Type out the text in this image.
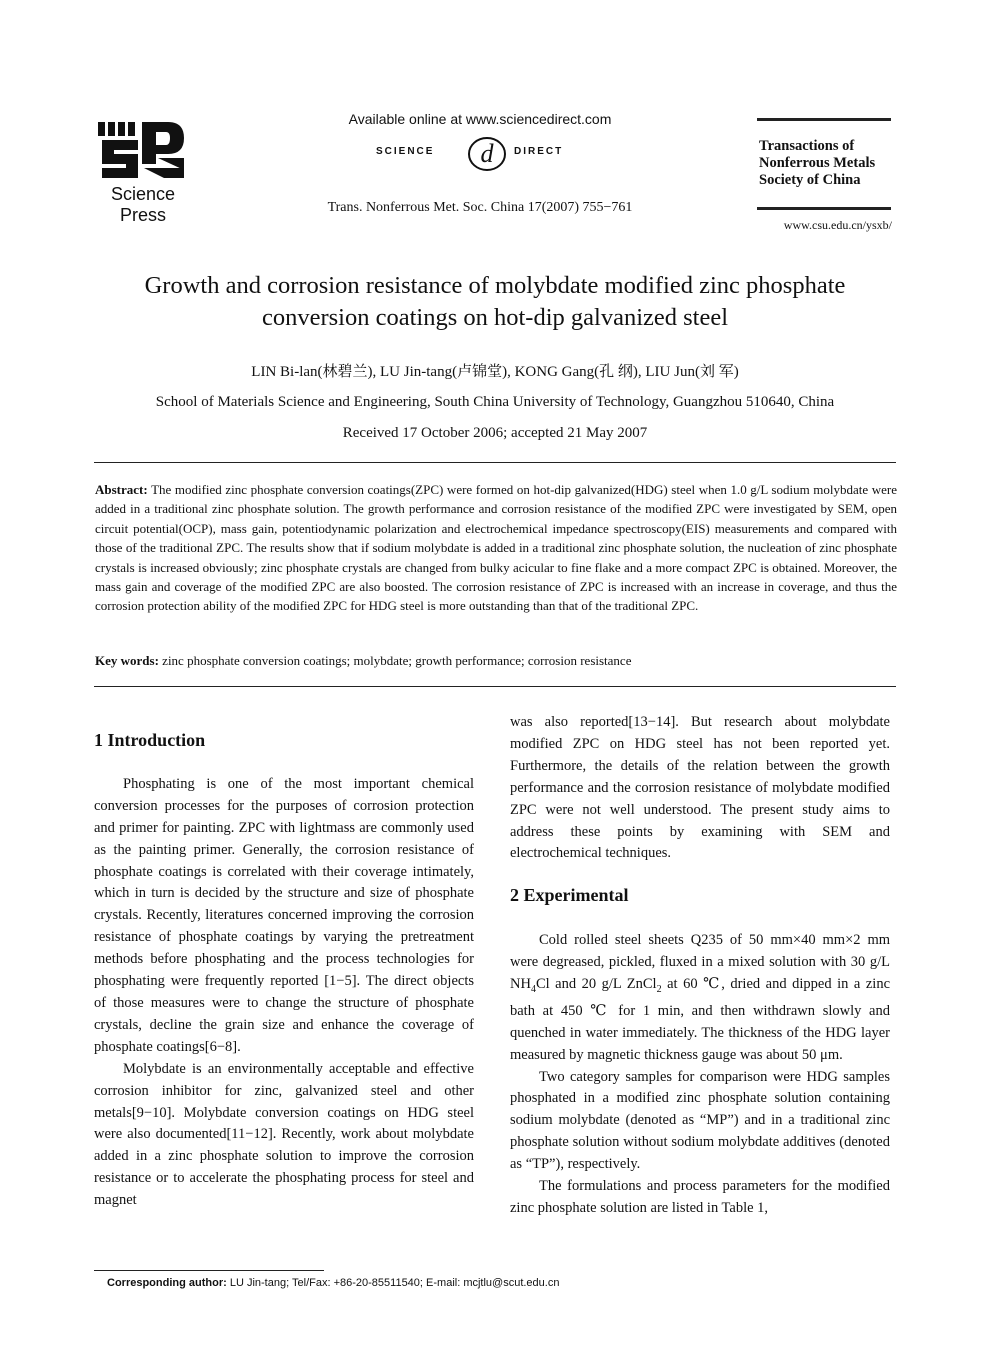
Science Press
Available online at www.sciencedirect.com
SCIENCE d DIRECT
Trans. Nonferrous Met. Soc. China 17(2007) 755−761
Transactions of
Nonferrous Metals
Society of China
www.csu.edu.cn/ysxb/
Growth and corrosion resistance of molybdate modified zinc phosphate
conversion coatings on hot-dip galvanized steel
LIN Bi-lan(林碧兰), LU Jin-tang(卢锦堂), KONG Gang(孔 纲), LIU Jun(刘 军)
School of Materials Science and Engineering, South China University of Technology, Guangzhou 510640, China
Received 17 October 2006; accepted 21 May 2007
Abstract: The modified zinc phosphate conversion coatings(ZPC) were formed on hot-dip galvanized(HDG) steel when 1.0 g/L sodium molybdate were added in a traditional zinc phosphate solution. The growth performance and corrosion resistance of the modified ZPC were investigated by SEM, open circuit potential(OCP), mass gain, potentiodynamic polarization and electrochemical impedance spectroscopy(EIS) measurements and compared with those of the traditional ZPC. The results show that if sodium molybdate is added in a traditional zinc phosphate solution, the nucleation of zinc phosphate crystals is increased obviously; zinc phosphate crystals are changed from bulky acicular to fine flake and a more compact ZPC is obtained. Moreover, the mass gain and coverage of the modified ZPC are also boosted. The corrosion resistance of ZPC is increased with an increase in coverage, and thus the corrosion protection ability of the modified ZPC for HDG steel is more outstanding than that of the traditional ZPC.
Key words: zinc phosphate conversion coatings; molybdate; growth performance; corrosion resistance
1 Introduction

Phosphating is one of the most important chemical conversion processes for the purposes of corrosion protection and primer for painting. ZPC with lightmass are commonly used as the painting primer. Generally, the corrosion resistance of phosphate coatings is correlated with their coverage intimately, which in turn is decided by the structure and size of phosphate crystals. Recently, literatures concerned improving the corrosion resistance of phosphate coatings by varying the pretreatment methods before phosphating and the process technologies for phosphating were frequently reported [1−5]. The direct objects of those measures were to change the structure of phosphate crystals, decline the grain size and enhance the coverage of phosphate coatings[6−8].

Molybdate is an environmentally acceptable and effective corrosion inhibitor for zinc, galvanized steel and other metals[9−10]. Molybdate conversion coatings on HDG steel were also documented[11−12]. Recently, work about molybdate added in a zinc phosphate solution to improve the corrosion resistance or to accelerate the phosphating process for steel and magnet

was also reported[13−14]. But research about molybdate modified ZPC on HDG steel has not been reported yet. Furthermore, the details of the relation between the growth performance and the corrosion resistance of molybdate modified ZPC were not well understood. The present study aims to address these points by examining with SEM and electrochemical techniques.

2 Experimental

Cold rolled steel sheets Q235 of 50 mm×40 mm×2 mm were degreased, pickled, fluxed in a mixed solution with 30 g/L $NH_4Cl$ and 20 g/L ZnCl$_2$ at 60 ℃, dried and dipped in a zinc bath at 450 ℃ for 1 min, and then withdrawn slowly and quenched in water immediately. The thickness of the HDG layer measured by magnetic thickness gauge was about 50 μm.

Two category samples for comparison were HDG samples phosphated in a modified zinc phosphate solution containing sodium molybdate (denoted as “MP”) and in a traditional zinc phosphate solution without sodium molybdate additives (denoted as “TP”), respectively.

The formulations and process parameters for the modified zinc phosphate solution are listed in Table 1,

Corresponding author: LU Jin-tang; Tel/Fax: +86-20-85511540; E-mail: mcjtlu@scut.edu.cn
